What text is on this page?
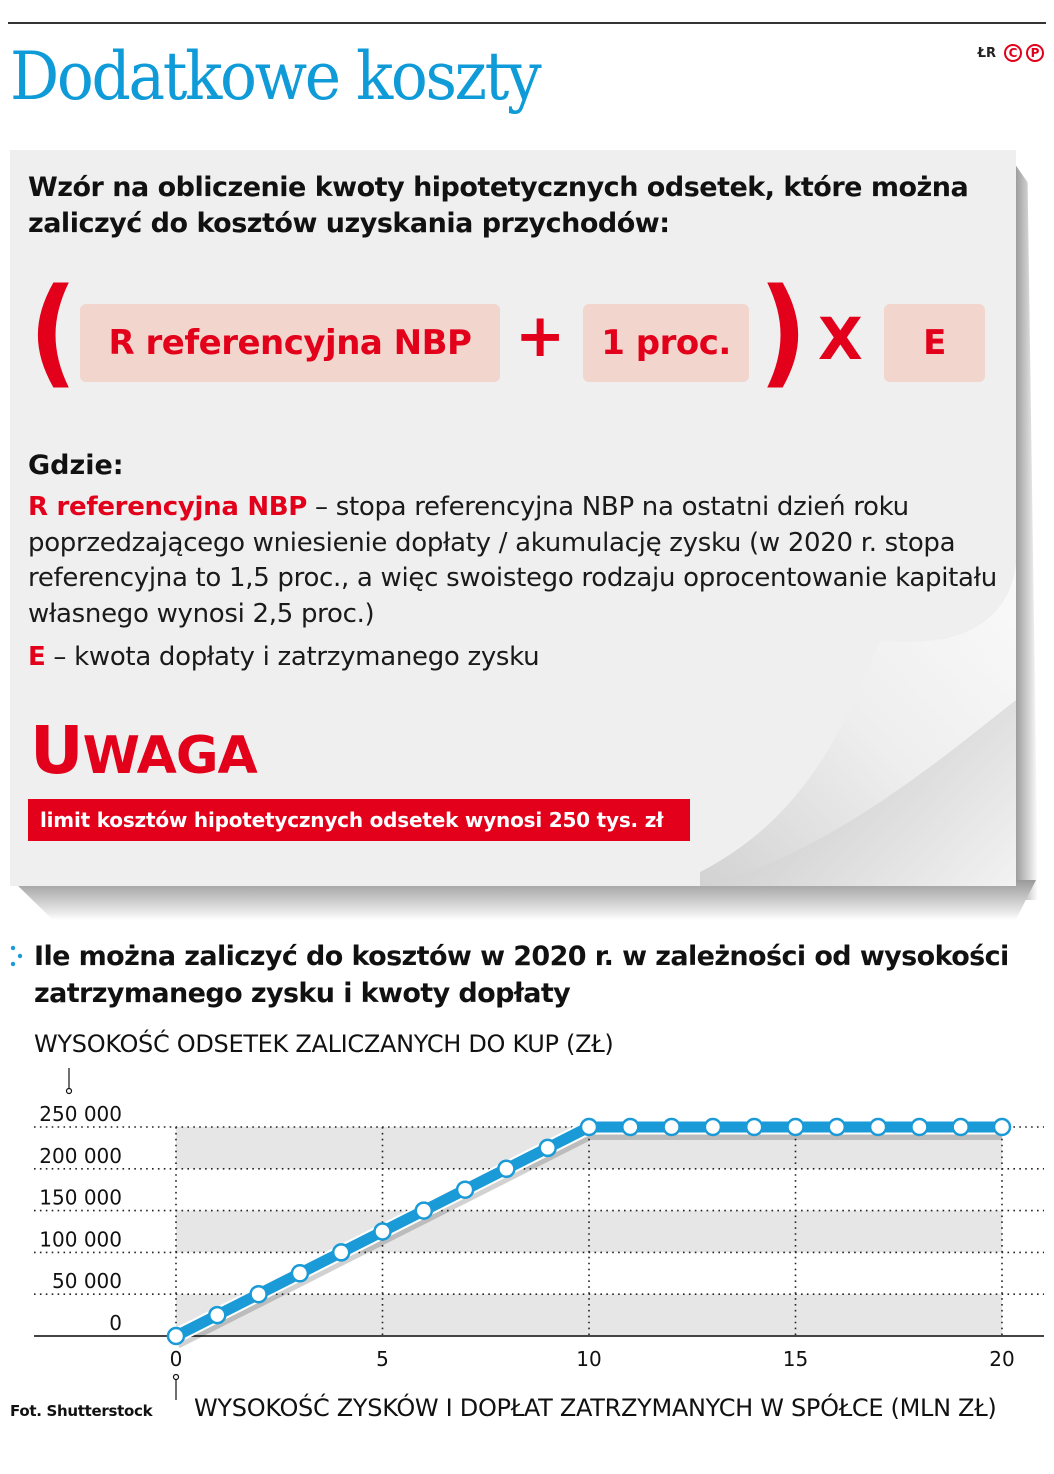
Dodatkowe koszty	ŁR	C	P
Wzór na obliczenie kwoty hipotetycznych odsetek, które można zaliczyć do kosztów uzyskania przychodów:
( R referencyjna NBP +	1 proc. ) X	E
Gdzie:
R referencyjna NBP – stopa referencyjna NBP na ostatni dzień roku poprzedzającego wniesienie dopłaty / akumulację zysku (w 2020 r. stopa referencyjna to 1,5 proc., a więc swoistego rodzaju oprocentowanie kapitału własnego wynosi 2,5 proc.)
E – kwota dopłaty i zatrzymanego zysku
UWAGA
limit kosztów hipotetycznych odsetek wynosi 250 tys. zł
Ile można zaliczyć do kosztów w 2020 r. w zależności od wysokości zatrzymanego zysku i kwoty dopłaty
WYSOKOŚĆ ODSETEK ZALICZANYCH DO KUP (ZŁ)
0
50 000
100 000
150 000
200 000
250 000
0	5	10	15	20
Fot. Shutterstock WYSOKOŚĆ ZYSKÓW I DOPŁAT ZATRZYMANYCH W SPÓŁCE (MLN ZŁ)
